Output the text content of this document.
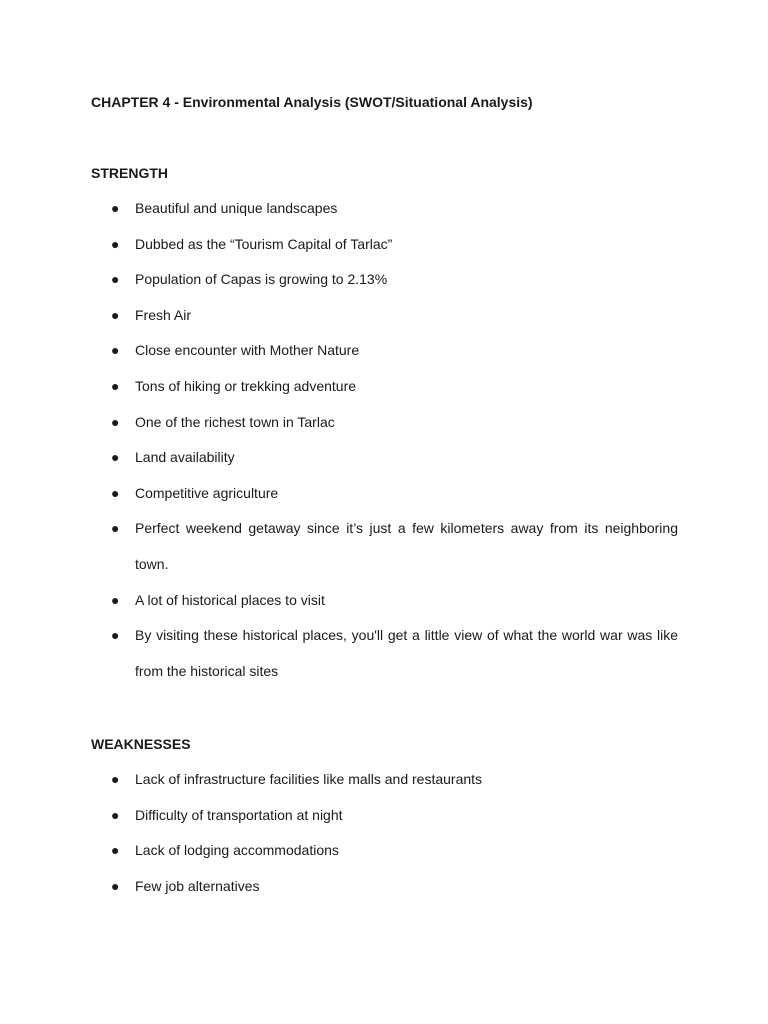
CHAPTER 4 - Environmental Analysis (SWOT/Situational Analysis)
STRENGTH
● Beautiful and unique landscapes
● Dubbed as the “Tourism Capital of Tarlac”
● Population of Capas is growing to 2.13%
● Fresh Air
● Close encounter with Mother Nature
● Tons of hiking or trekking adventure
● One of the richest town in Tarlac
● Land availability
● Competitive agriculture
● Perfect weekend getaway since it’s just a few kilometers away from its neighboring town.
● A lot of historical places to visit
● By visiting these historical places, you'll get a little view of what the world war was like from the historical sites
WEAKNESSES
● Lack of infrastructure facilities like malls and restaurants
● Difficulty of transportation at night
● Lack of lodging accommodations
● Few job alternatives
